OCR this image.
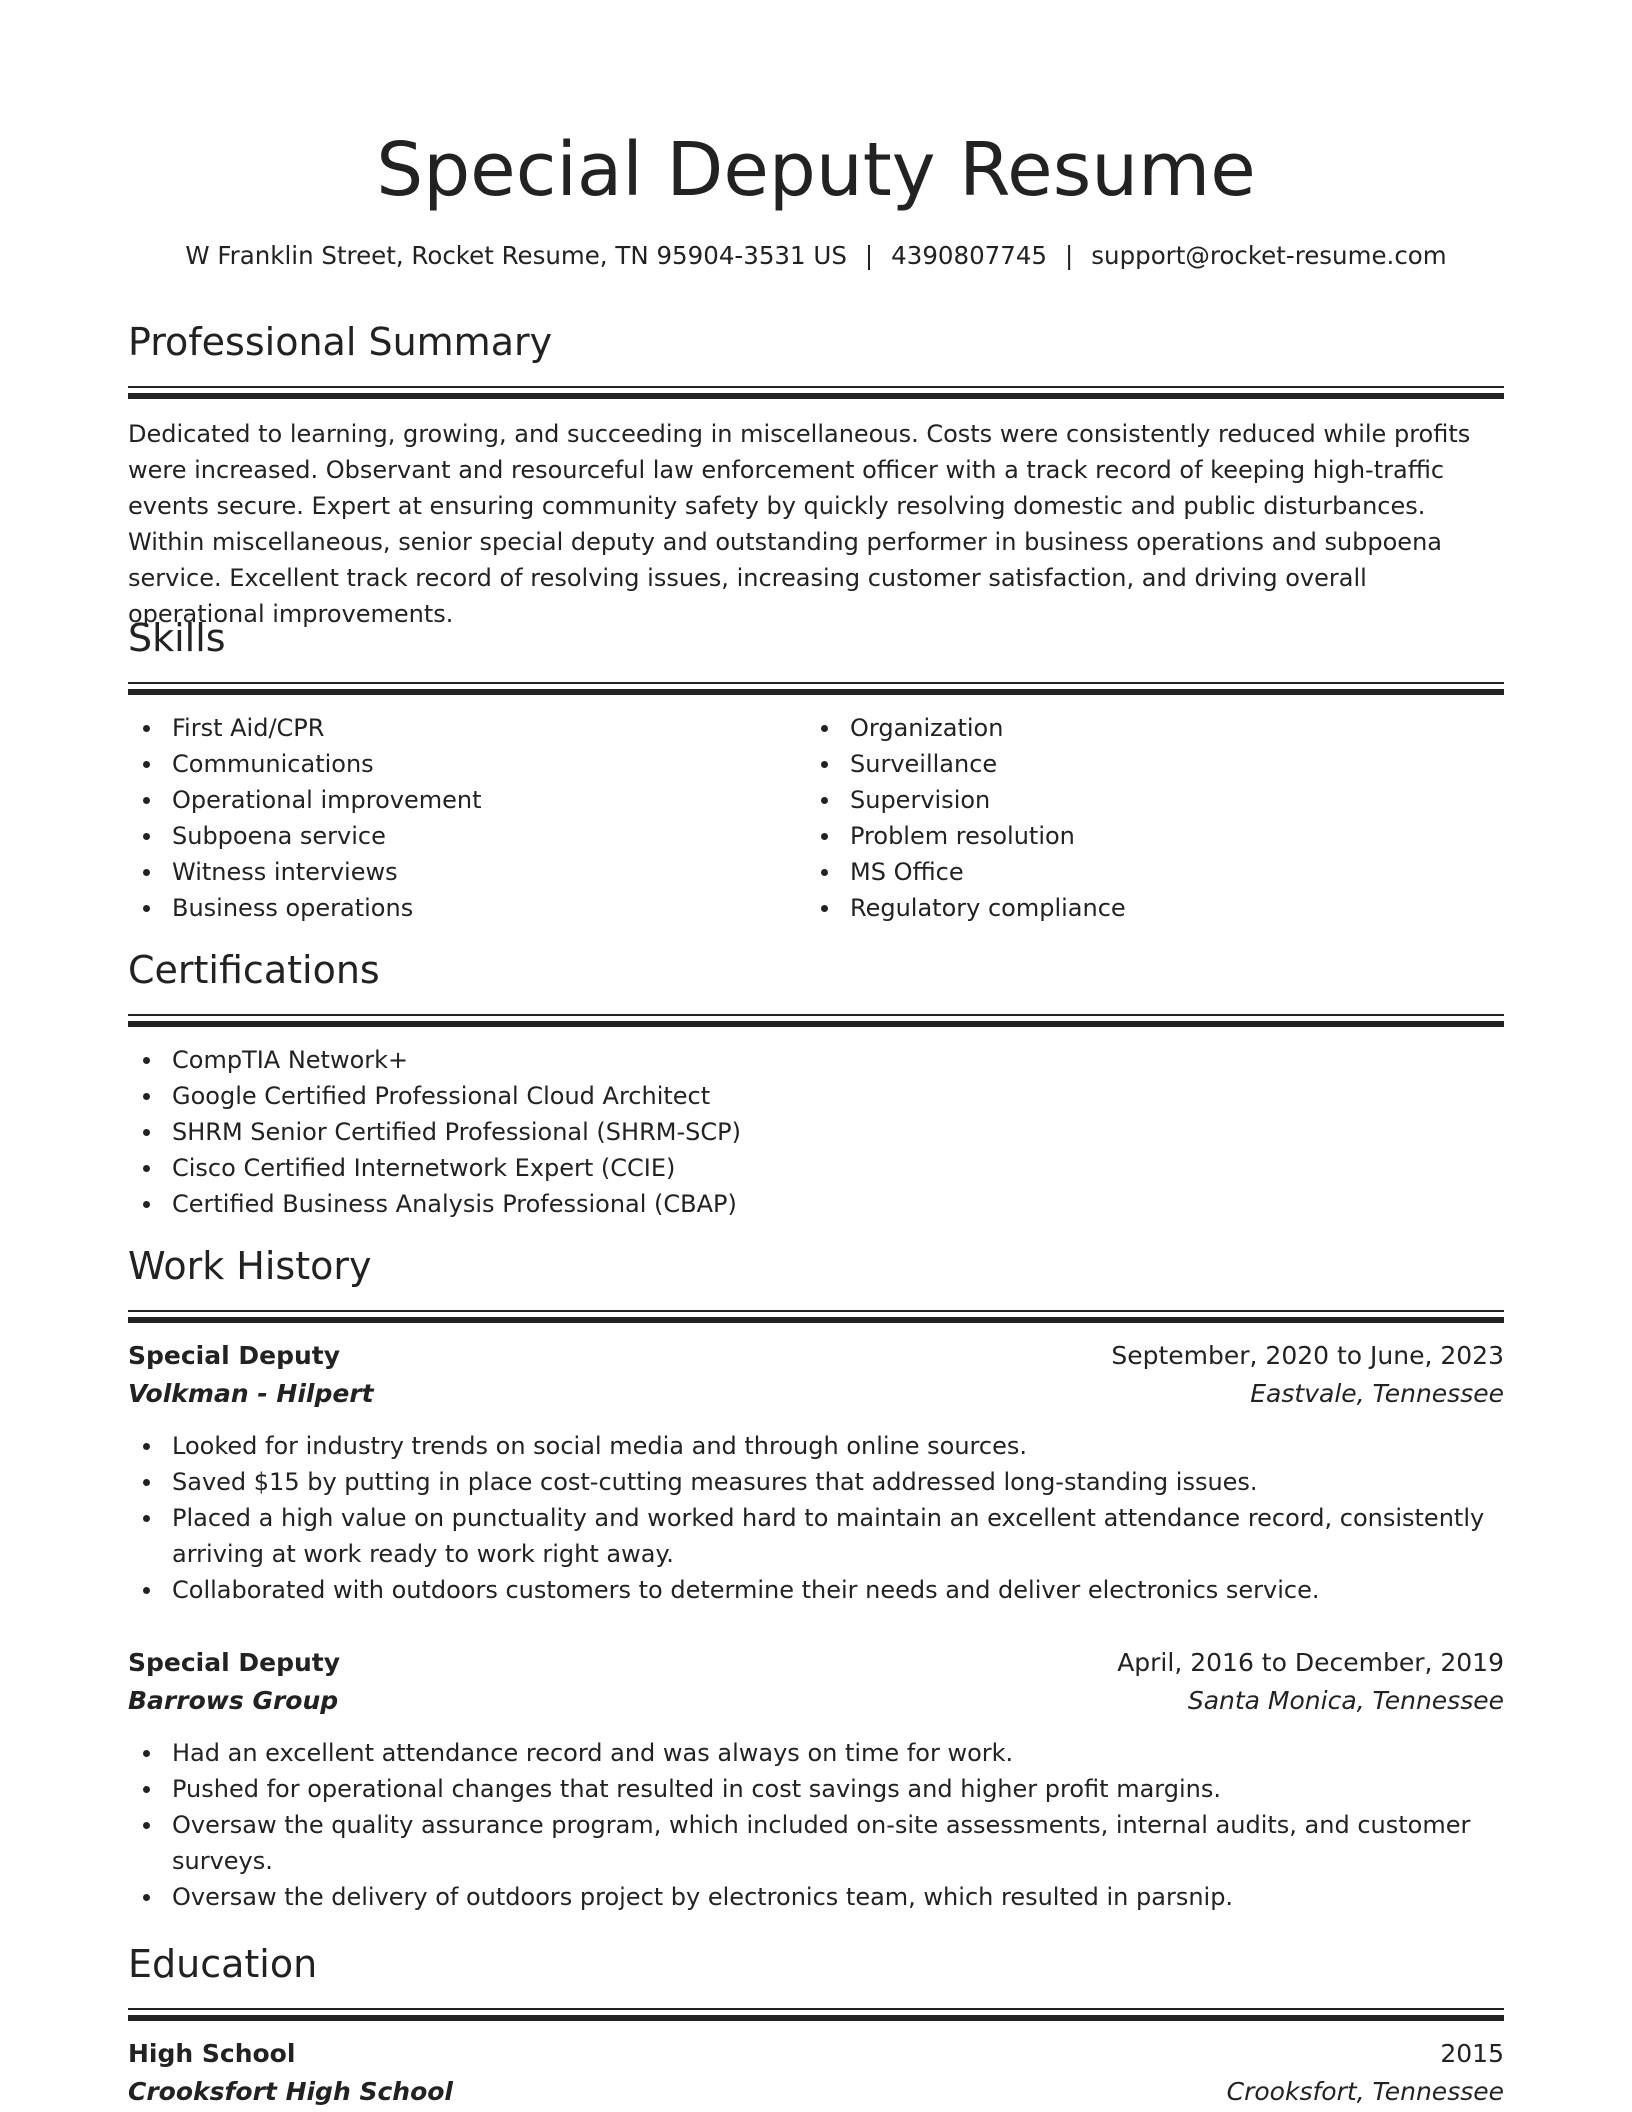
Special Deputy Resume
W Franklin Street, Rocket Resume, TN 95904-3531 US | 4390807745 | support@rocket-resume.com
Professional Summary
Dedicated to learning, growing, and succeeding in miscellaneous. Costs were consistently reduced while profits were increased. Observant and resourceful law enforcement officer with a track record of keeping high-traffic events secure. Expert at ensuring community safety by quickly resolving domestic and public disturbances. Within miscellaneous, senior special deputy and outstanding performer in business operations and subpoena service. Excellent track record of resolving issues, increasing customer satisfaction, and driving overall operational improvements.
Skills
First Aid/CPR
Communications
Operational improvement
Subpoena service
Witness interviews
Business operations
Organization
Surveillance
Supervision
Problem resolution
MS Office
Regulatory compliance
Certifications
CompTIA Network+
Google Certified Professional Cloud Architect
SHRM Senior Certified Professional (SHRM-SCP)
Cisco Certified Internetwork Expert (CCIE)
Certified Business Analysis Professional (CBAP)
Work History
Special Deputy	September, 2020 to June, 2023
Volkman - Hilpert	Eastvale, Tennessee
Looked for industry trends on social media and through online sources.
Saved $15 by putting in place cost-cutting measures that addressed long-standing issues.
Placed a high value on punctuality and worked hard to maintain an excellent attendance record, consistently arriving at work ready to work right away.
Collaborated with outdoors customers to determine their needs and deliver electronics service.
Special Deputy	April, 2016 to December, 2019
Barrows Group	Santa Monica, Tennessee
Had an excellent attendance record and was always on time for work.
Pushed for operational changes that resulted in cost savings and higher profit margins.
Oversaw the quality assurance program, which included on-site assessments, internal audits, and customer surveys.
Oversaw the delivery of outdoors project by electronics team, which resulted in parsnip.
Education
High School	2015
Crooksfort High School	Crooksfort, Tennessee
